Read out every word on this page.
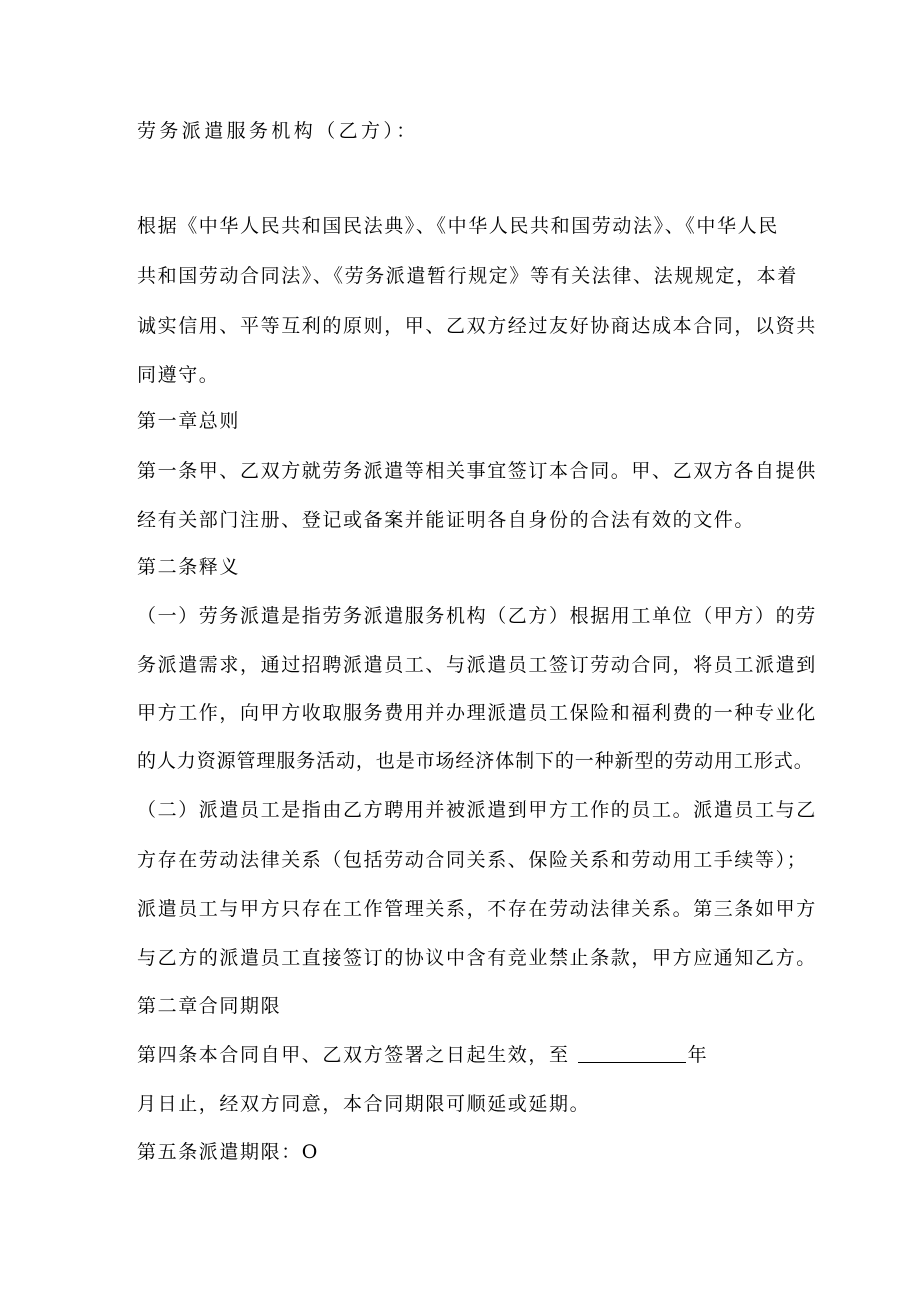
劳务派遣服务机构（乙方）：
根据《中华人民共和国民法典》、《中华人民共和国劳动法》、《中华人民
共和国劳动合同法》、《劳务派遣暂行规定》等有关法律、法规规定，本着
诚实信用、平等互利的原则，甲、乙双方经过友好协商达成本合同，以资共
同遵守。
第一章总则
第一条甲、乙双方就劳务派遣等相关事宜签订本合同。甲、乙双方各自提供
经有关部门注册、登记或备案并能证明各自身份的合法有效的文件。
第二条释义
（一）劳务派遣是指劳务派遣服务机构（乙方）根据用工单位（甲方）的劳
务派遣需求，通过招聘派遣员工、与派遣员工签订劳动合同，将员工派遣到
甲方工作，向甲方收取服务费用并办理派遣员工保险和福利费的一种专业化
的人力资源管理服务活动，也是市场经济体制下的一种新型的劳动用工形式。
（二）派遣员工是指由乙方聘用并被派遣到甲方工作的员工。派遣员工与乙
方存在劳动法律关系（包括劳动合同关系、保险关系和劳动用工手续等）；
派遣员工与甲方只存在工作管理关系，不存在劳动法律关系。第三条如甲方
与乙方的派遣员工直接签订的协议中含有竞业禁止条款，甲方应通知乙方。
第二章合同期限
第四条本合同自甲、乙双方签署之日起生效，至	年
月日止，经双方同意，本合同期限可顺延或延期。
第五条派遣期限：O
